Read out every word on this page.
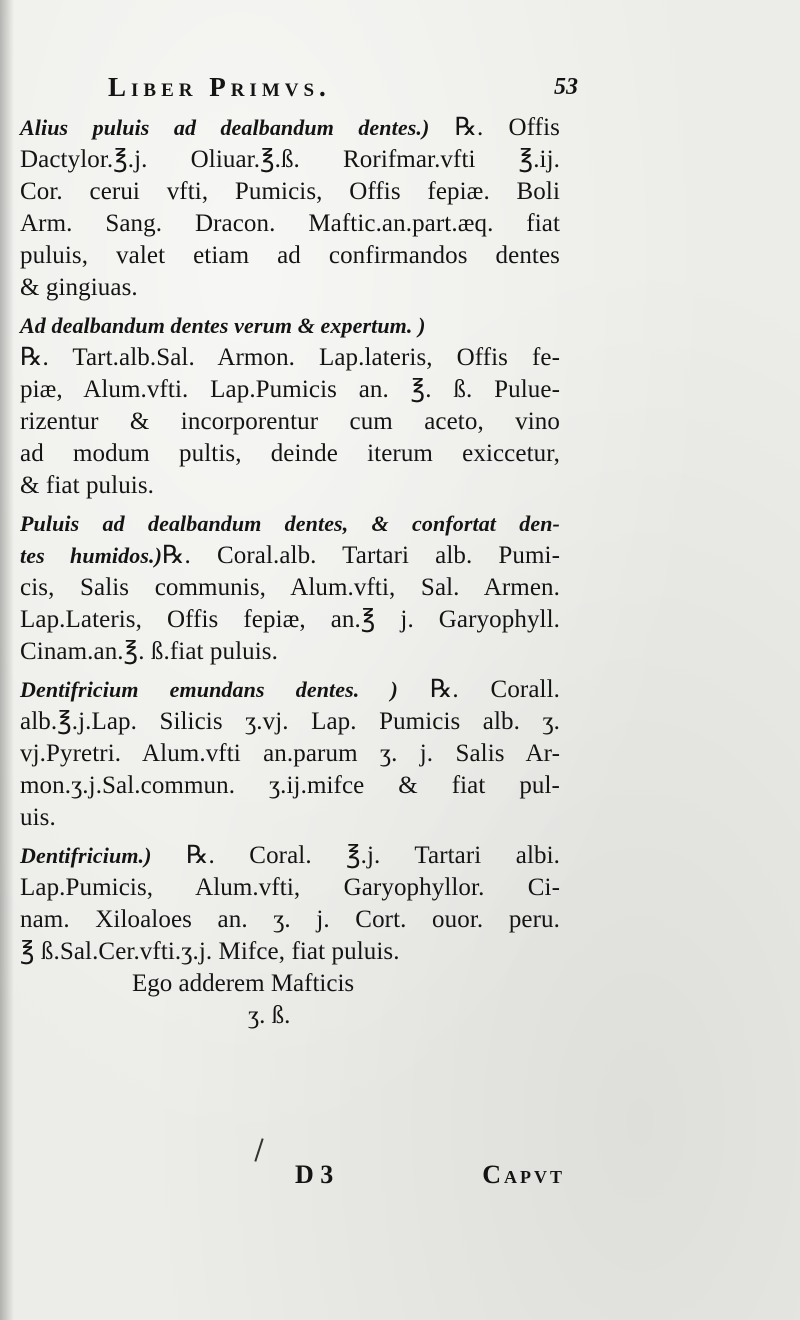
Liber Primvs.	53
Alius puluis ad dealbandum dentes.) ℞. Offis
Dactylor.℥.j. Oliuar.℥.ß. Rorifmar.vfti ℥.ij.
Cor. cerui vfti, Pumicis, Offis fepiæ. Boli
Arm. Sang. Dracon. Maftic.an.part.æq. fiat
puluis, valet etiam ad confirmandos dentes
& gingiuas.
Ad dealbandum dentes verum & expertum. )
℞. Tart.alb.Sal. Armon. Lap.lateris, Offis fe-
piæ, Alum.vfti. Lap.Pumicis an. ℥. ß. Pulue-
rizentur & incorporentur cum aceto, vino
ad modum pultis, deinde iterum exiccetur,
& fiat puluis.
Puluis ad dealbandum dentes, & confortat den-
tes humidos.)℞. Coral.alb. Tartari alb. Pumi-
cis, Salis communis, Alum.vfti, Sal. Armen.
Lap.Lateris, Offis fepiæ, an.℥ j. Garyophyll.
Cinam.an.℥. ß.fiat puluis.
Dentifricium emundans dentes. ) ℞. Corall.
alb.℥.j.Lap. Silicis ʒ.vj. Lap. Pumicis alb. ʒ.
vj.Pyretri. Alum.vfti an.parum ʒ. j. Salis Ar-
mon.ʒ.j.Sal.commun. ʒ.ij.mifce & fiat pul-
uis.
Dentifricium.) ℞. Coral. ℥.j. Tartari albi.
Lap.Pumicis, Alum.vfti, Garyophyllor. Ci-
nam. Xiloaloes an. ʒ. j. Cort. ouor. peru.
℥ ß.Sal.Cer.vfti.ʒ.j. Mifce, fiat puluis.
Ego adderem Mafticis
ʒ. ß.
D 3	Capvt
